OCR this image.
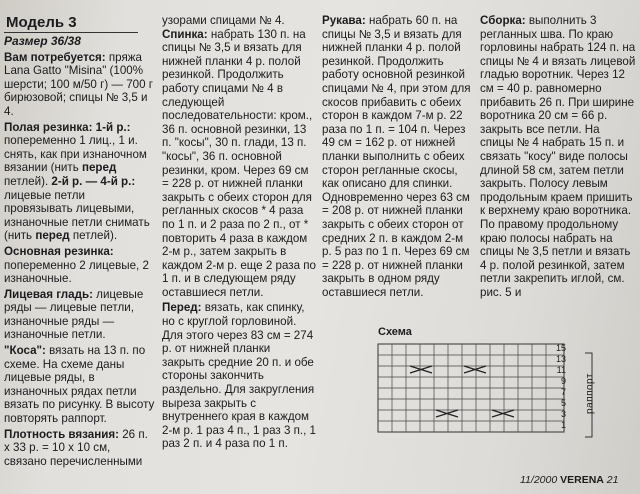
Модель 3
Размер 36/38

Вам потребуется: пряжа Lana Gatto "Misina" (100% шерсти; 100 м/50 г) — 700 г бирюзовой; спицы № 3,5 и 4.

Полая резинка: 1-й р.: попеременно 1 лиц., 1 и. снять, как при изнаночном вязании (нить перед петлей). 2-й р. — 4-й р.: лицевые петли провязывать лицевыми, изнаночные петли снимать (нить перед петлей).

Основная резинка: попеременно 2 лицевые, 2 изнаночные.

Лицевая гладь: лицевые ряды — лицевые петли, изнаночные ряды — изнаночные петли.

"Коса": вязать на 13 п. по схеме. На схеме даны лицевые ряды, в изнаночных рядах петли вязать по рисунку. В высоту повторять раппорт.

Плотность вязания: 26 п. х 33 р. = 10 х 10 см, связано перечисленными

узорами спицами № 4.

Спинка: набрать 130 п. на спицы № 3,5 и вязать для нижней планки 4 р. полой резинкой. Продолжить работу спицами № 4 в следующей последовательности: кром., 36 п. основной резинки, 13 п. "косы", 30 п. глади, 13 п. "косы", 36 п. основной резинки, кром. Через 69 см = 228 р. от нижней планки закрыть с обеих сторон для регланных скосов * 4 раза по 1 п. и 2 раза по 2 п., от * повторить 4 раза в каждом 2-м р., затем закрыть в каждом 2-м р. еще 2 раза по 1 п. и в следующем ряду оставшиеся петли.

Перед: вязать, как спинку, но с круглой горловиной. Для этого через 83 см = 274 р. от нижней планки закрыть средние 20 п. и обе стороны закончить раздельно. Для закругления выреза закрыть с внутреннего края в каждом 2-м р. 1 раз 4 п., 1 раз 3 п., 1 раз 2 п. и 4 раза по 1 п.

Рукава: набрать 60 п. на спицы № 3,5 и вязать для нижней планки 4 р. полой резинкой. Продолжить работу основной резинкой спицами № 4, при этом для скосов прибавить с обеих сторон в каждом 7-м р. 22 раза по 1 п. = 104 п. Через 49 см = 162 р. от нижней планки выполнить с обеих сторон регланные скосы, как описано для спинки. Одновременно через 63 см = 208 р. от нижней планки закрыть с обеих сторон от средних 2 п. в каждом 2-м р. 5 раз по 1 п. Через 69 см = 228 р. от нижней планки закрыть в одном ряду оставшиеся петли.

Сборка: выполнить 3 регланных шва. По краю горловины набрать 124 п. на спицы № 4 и вязать лицевой гладью воротник. Через 12 см = 40 р. равномерно прибавить 26 п. При ширине воротника 20 см = 66 р. закрыть все петли. На спицы № 4 набрать 15 п. и связать "косу" виде полосы длиной 58 см, затем петли закрыть. Полосу левым продольным краем пришить к верхнему краю воротника. По правому продольному краю полосы набрать на спицы № 3,5 петли и вязать 4 р. полой резинкой, затем петли закрепить иглой, см. рис. 5 и

Схема
15
13
11
9
7
5
3
1
раппорт
11/2000 VERENA 21
